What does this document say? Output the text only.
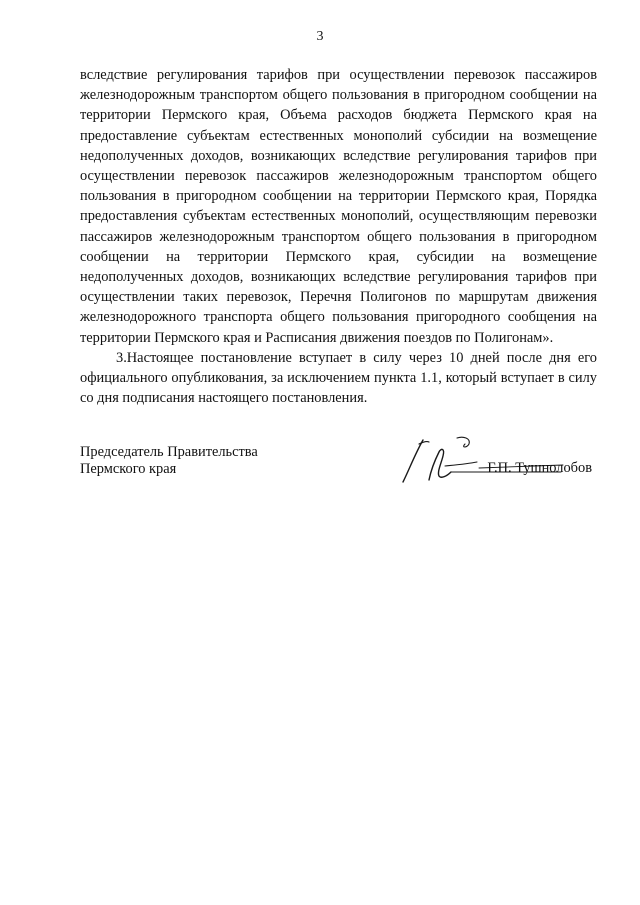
3

вследствие регулирования тарифов при осуществлении перевозок пассажиров железнодорожным транспортом общего пользования в пригородном сообщении на территории Пермского края, Объема расходов бюджета Пермского края на предоставление субъектам естественных монополий субсидии на возмещение недополученных доходов, возникающих вследствие регулирования тарифов при осуществлении перевозок пассажиров железнодорожным транспортом общего пользования в пригородном сообщении на территории Пермского края, Порядка предоставления субъектам естественных монополий, осуществляющим перевозки пассажиров железнодорожным транспортом общего пользования в пригородном сообщении на территории Пермского края, субсидии на возмещение недополученных доходов, возникающих вследствие регулирования тарифов при осуществлении таких перевозок, Перечня Полигонов по маршрутам движения железнодорожного транспорта общего пользования пригородного сообщения на территории Пермского края и Расписания движения поездов по Полигонам».

3.Настоящее постановление вступает в силу через 10 дней после дня его официального опубликования, за исключением пункта 1.1, который вступает в силу со дня подписания настоящего постановления.

Председатель Правительства
Пермского края	Г.П. Тушнолобов
